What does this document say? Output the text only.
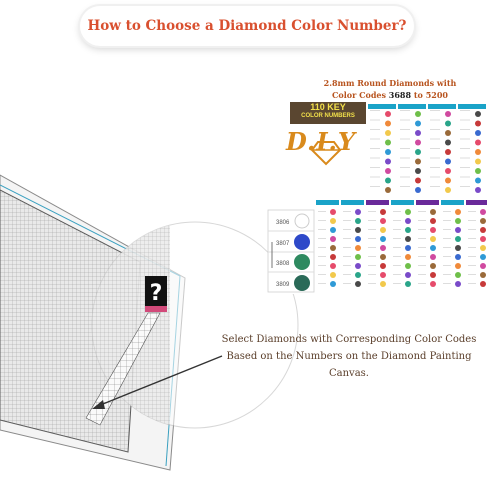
How to Choose a Diamond Color Number?
?
3806
3807
3808
3809
2.8mm Round Diamonds with
Color Codes 3688 to 5200
110 KEY
COLOR NUMBERS
D.I.Y
Select Diamonds with Corresponding Color Codes
Based on the Numbers on the Diamond Painting Canvas.
